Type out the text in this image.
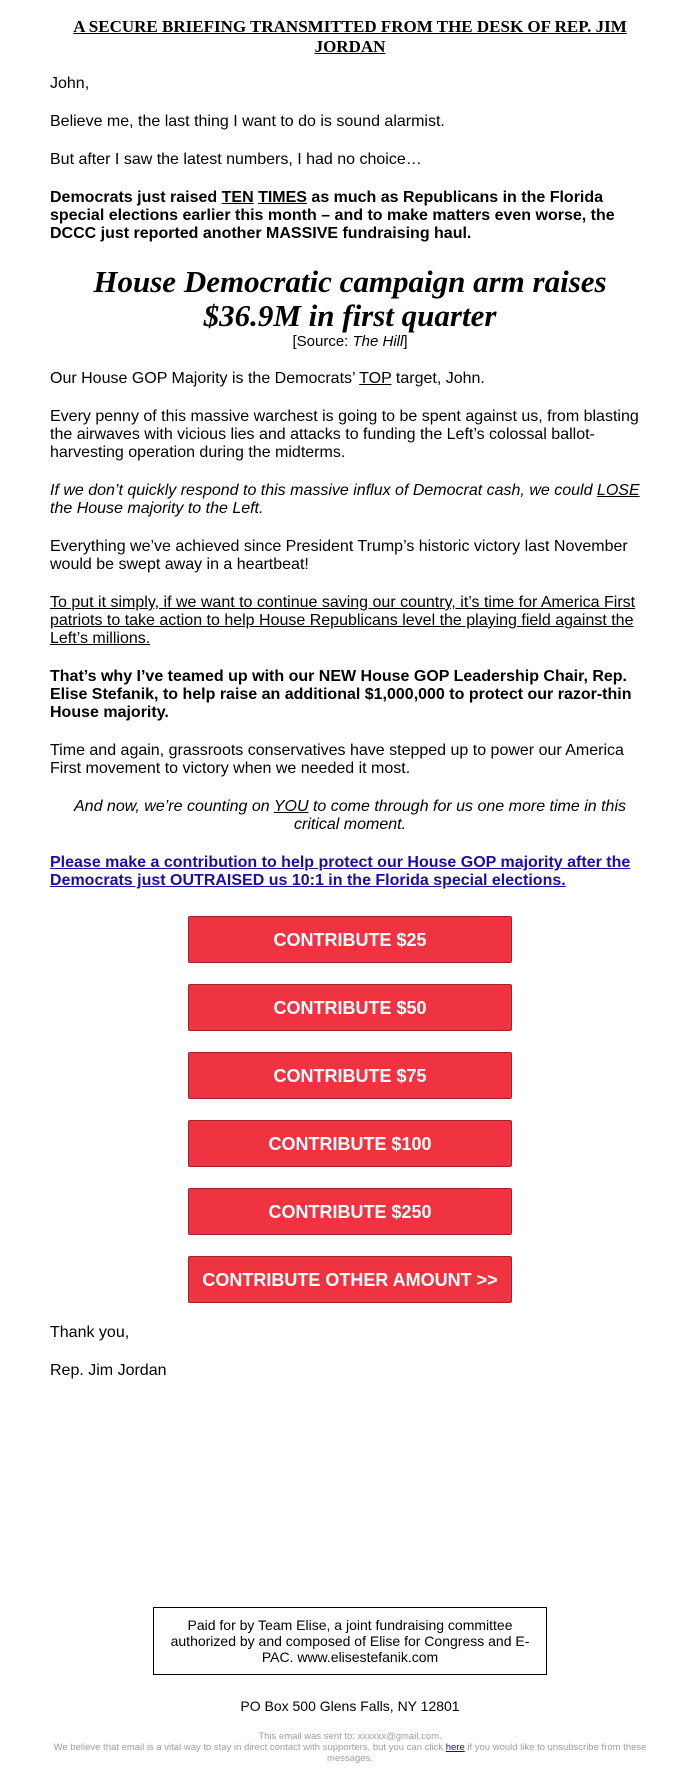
A SECURE BRIEFING TRANSMITTED FROM THE DESK OF REP. JIM JORDAN

John,

Believe me, the last thing I want to do is sound alarmist.

But after I saw the latest numbers, I had no choice…

Democrats just raised TEN TIMES as much as Republicans in the Florida special elections earlier this month – and to make matters even worse, the DCCC just reported another MASSIVE fundraising haul.

House Democratic campaign arm raises $36.9M in first quarter
[Source: The Hill]

Our House GOP Majority is the Democrats’ TOP target, John.

Every penny of this massive warchest is going to be spent against us, from blasting the airwaves with vicious lies and attacks to funding the Left’s colossal ballot-harvesting operation during the midterms.

If we don’t quickly respond to this massive influx of Democrat cash, we could LOSE the House majority to the Left.

Everything we’ve achieved since President Trump’s historic victory last November would be swept away in a heartbeat!

To put it simply, if we want to continue saving our country, it’s time for America First patriots to take action to help House Republicans level the playing field against the Left’s millions.

That’s why I’ve teamed up with our NEW House GOP Leadership Chair, Rep. Elise Stefanik, to help raise an additional $1,000,000 to protect our razor-thin House majority.

Time and again, grassroots conservatives have stepped up to power our America First movement to victory when we needed it most.

And now, we’re counting on YOU to come through for us one more time in this critical moment.

Please make a contribution to help protect our House GOP majority after the Democrats just OUTRAISED us 10:1 in the Florida special elections.

CONTRIBUTE $25
CONTRIBUTE $50
CONTRIBUTE $75
CONTRIBUTE $100
CONTRIBUTE $250
CONTRIBUTE OTHER AMOUNT >>

Thank you,

Rep. Jim Jordan

Paid for by Team Elise, a joint fundraising committee authorized by and composed of Elise for Congress and E-PAC. www.elisestefanik.com
PO Box 500 Glens Falls, NY 12801
This email was sent to: xxxxxx@gmail.com.
We believe that email is a vital way to stay in direct contact with supporters, but you can click here if you would like to unsubscribe from these messages.
